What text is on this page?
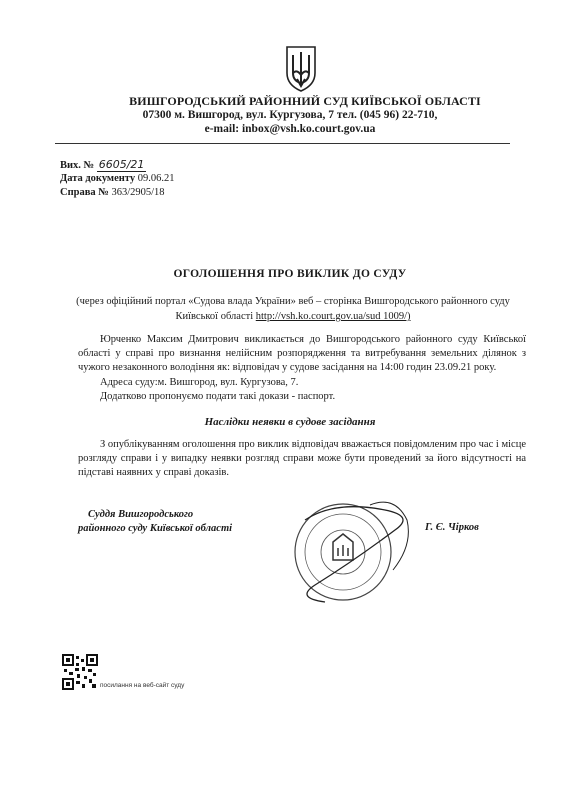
ВИШГОРОДСЬКИЙ РАЙОННИЙ СУД КИЇВСЬКОЇ ОБЛАСТІ
07300 м. Вишгород, вул. Кургузова, 7 тел. (045 96) 22-710,
e-mail: inbox@vsh.ko.court.gov.ua
Вих. № 6605/21
Дата документу 09.06.21
Справа № 363/2905/18
ОГОЛОШЕННЯ ПРО ВИКЛИК ДО СУДУ
(через офіційний портал «Судова влада України» веб – сторінка Вишгородського районного суду Київської області http://vsh.ko.court.gov.ua/sud 1009/)
Юрченко Максим Дмитрович викликається до Вишгородського районного суду Київської області у справі про визнання нелійсним розпорядження та витребування земельних ділянок з чужого незаконного володіння як: відповідач у судове засідання на 14:00 годин 23.09.21 року.
Адреса суду:м. Вишгород, вул. Кургузова, 7.
Додатково пропонуємо подати такі докази - паспорт.
Наслідки неявки в судове засідання
З опублікуванням оголошення про виклик відповідач вважається повідомленим про час і місце розгляду справи і у випадку неявки розгляд справи може бути проведений за його відсутності на підставі наявних у справі доказів.
Суддя Вишгородського
районного суду Київської області	Г. Є. Чірков
посилання на веб-сайт суду
